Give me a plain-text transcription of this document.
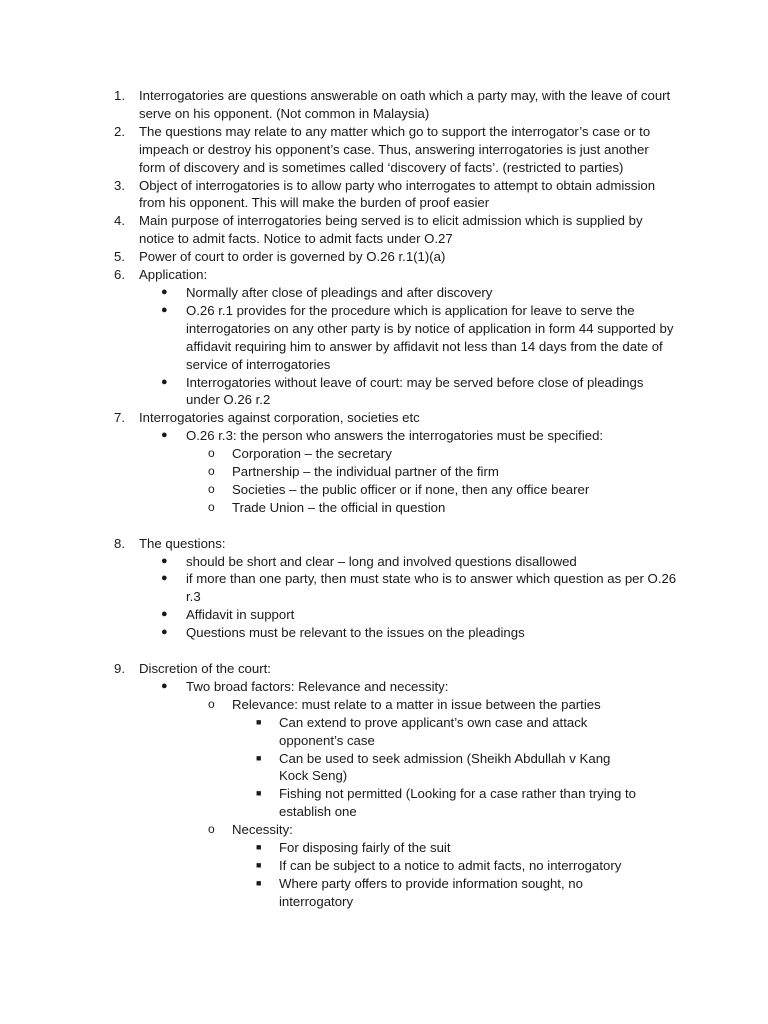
1.	Interrogatories are questions answerable on oath which a party may, with the leave of court serve on his opponent. (Not common in Malaysia)
2.	The questions may relate to any matter which go to support the interrogator’s case or to impeach or destroy his opponent’s case. Thus, answering interrogatories is just another form of discovery and is sometimes called ‘discovery of facts’. (restricted to parties)
3.	Object of interrogatories is to allow party who interrogates to attempt to obtain admission from his opponent. This will make the burden of proof easier
4.	Main purpose of interrogatories being served is to elicit admission which is supplied by notice to admit facts. Notice to admit facts under O.27
5.	Power of court to order is governed by O.26 r.1(1)(a)
6.	Application:
● Normally after close of pleadings and after discovery
● O.26 r.1 provides for the procedure which is application for leave to serve the interrogatories on any other party is by notice of application in form 44 supported by affidavit requiring him to answer by affidavit not less than 14 days from the date of service of interrogatories
● Interrogatories without leave of court: may be served before close of pleadings under O.26 r.2
7.	Interrogatories against corporation, societies etc
● O.26 r.3: the person who answers the interrogatories must be specified:
o Corporation – the secretary
o Partnership – the individual partner of the firm
o Societies – the public officer or if none, then any office bearer
o Trade Union – the official in question
8.	The questions:
● should be short and clear – long and involved questions disallowed
● if more than one party, then must state who is to answer which question as per O.26 r.3
● Affidavit in support
● Questions must be relevant to the issues on the pleadings
9.	Discretion of the court:
● Two broad factors: Relevance and necessity:
o Relevance: must relate to a matter in issue between the parties
■ Can extend to prove applicant’s own case and attack opponent’s case
■ Can be used to seek admission (Sheikh Abdullah v Kang Kock Seng)
■ Fishing not permitted (Looking for a case rather than trying to establish one
o Necessity:
■ For disposing fairly of the suit
■ If can be subject to a notice to admit facts, no interrogatory
■ Where party offers to provide information sought, no interrogatory
